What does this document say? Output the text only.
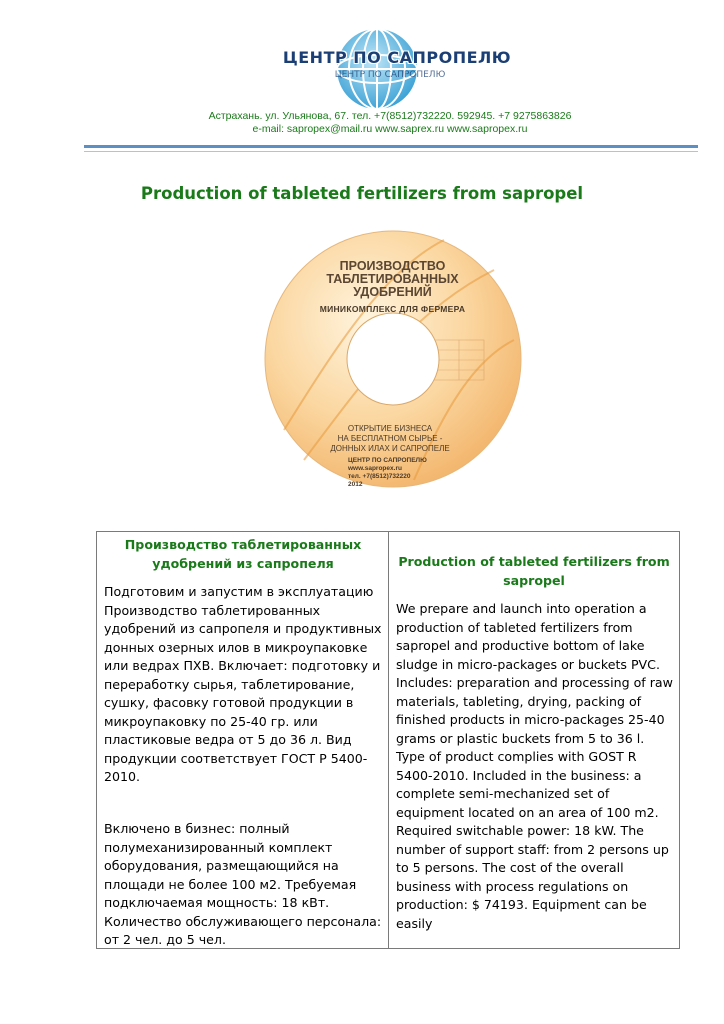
ЦЕНТР ПО САПРОПЕЛЮ
ЦЕНТР ПО САПРОПЕЛЮ
Астрахань. ул. Ульянова, 67. тел. +7(8512)732220. 592945. +7 9275863826
e-mail: sapropex@mail.ru www.saprex.ru www.sapropex.ru
Production of tableted fertilizers from sapropel
ПРОИЗВОДСТВО
ТАБЛЕТИРОВАННЫХ
УДОБРЕНИЙ
МИНИКОМПЛЕКС ДЛЯ ФЕРМЕРА
ОТКРЫТИЕ БИЗНЕСА
НА БЕСПЛАТНОМ СЫРЬЕ -
ДОННЫХ ИЛАХ И САПРОПЕЛЕ
ЦЕНТР ПО САПРОПЕЛЮ
www.sapropex.ru
тел. +7(8512)732220
2012
Производство таблетированных удобрений из сапропеля
Подготовим и запустим в эксплуатацию Производство таблетированных удобрений из сапропеля и продуктивных донных озерных илов в микроупаковке или ведрах ПХВ. Включает: подготовку и переработку сырья, таблетирование, сушку, фасовку готовой продукции в микроупаковку по 25-40 гр. или пластиковые ведра от 5 до 36 л. Вид продукции соответствует ГОСТ Р 5400-2010.
Включено в бизнес: полный полумеханизированный комплект оборудования, размещающийся на площади не более 100 м2. Требуемая подключаемая мощность: 18 кВт. Количество обслуживающего персонала: от 2 чел. до 5 чел.
Production of tableted fertilizers from sapropel
We prepare and launch into operation a production of tableted fertilizers from sapropel and productive bottom of lake sludge in micro-packages or buckets PVC. Includes: preparation and processing of raw materials, tableting, drying, packing of finished products in micro-packages 25-40 grams or plastic buckets from 5 to 36 l. Type of product complies with GOST R 5400-2010. Included in the business: a complete semi-mechanized set of equipment located on an area of 100 m2. Required switchable power: 18 kW. The number of support staff: from 2 persons up to 5 persons. The cost of the overall business with process regulations on production: $ 74193. Equipment can be easily
